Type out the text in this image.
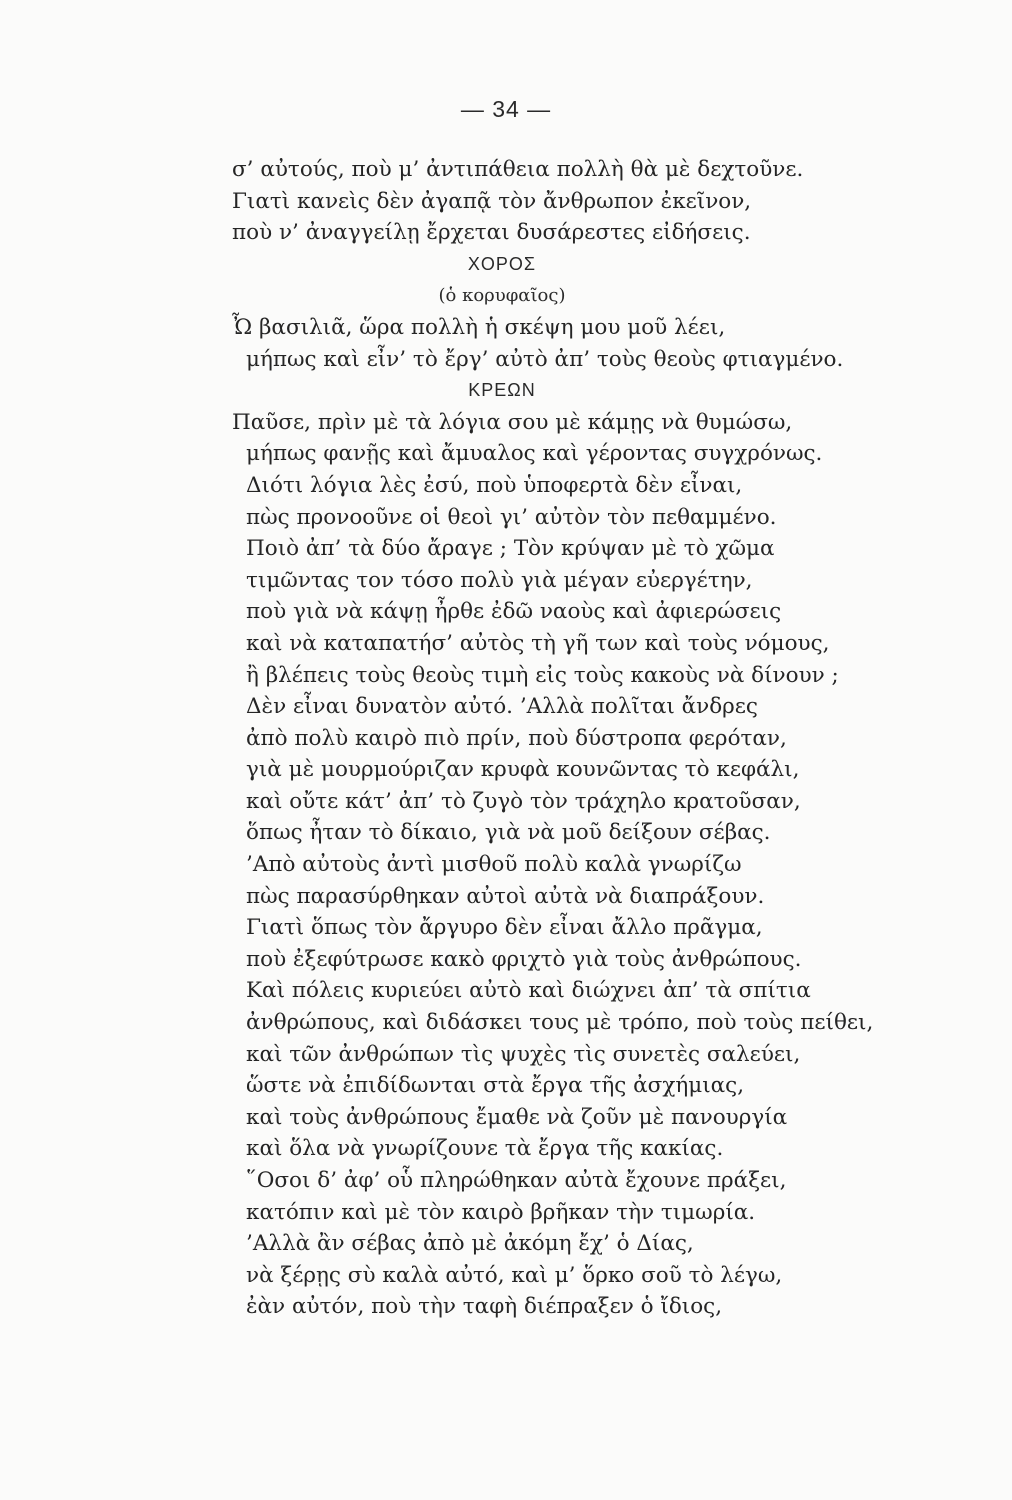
— 34 —
σ’ αὐτούς, ποὺ μ’ ἀντιπάθεια πολλὴ θὰ μὲ δεχτοῦνε.
Γιατὶ κανεὶς δὲν ἀγαπᾷ τὸν ἄνθρωπον ἐκεῖνον,
ποὺ ν’ ἀναγγείλῃ ἔρχεται δυσάρεστες εἰδήσεις.
ΧΟΡΟΣ
(ὁ κορυφαῖος)
Ὦ βασιλιᾶ, ὥρα πολλὴ ἡ σκέψη μου μοῦ λέει,
μήπως καὶ εἶν’ τὸ ἔργ’ αὐτὸ ἀπ’ τοὺς θεοὺς φτιαγμένο.
ΚΡΕΩΝ
Παῦσε, πρὶν μὲ τὰ λόγια σου μὲ κάμῃς νὰ θυμώσω,
μήπως φανῇς καὶ ἄμυαλος καὶ γέροντας συγχρόνως.
Διότι λόγια λὲς ἐσύ, ποὺ ὑποφερτὰ δὲν εἶναι,
πὼς προνοοῦνε οἱ θεοὶ γι’ αὐτὸν τὸν πεθαμμένο.
Ποιὸ ἀπ’ τὰ δύο ἄραγε ; Τὸν κρύψαν μὲ τὸ χῶμα
τιμῶντας τον τόσο πολὺ γιὰ μέγαν εὐεργέτην,
ποὺ γιὰ νὰ κάψῃ ἦρθε ἐδῶ ναοὺς καὶ ἀφιερώσεις
καὶ νὰ καταπατήσ’ αὐτὸς τὴ γῆ των καὶ τοὺς νόμους,
ἢ βλέπεις τοὺς θεοὺς τιμὴ εἰς τοὺς κακοὺς νὰ δίνουν ;
Δὲν εἶναι δυνατὸν αὐτό. ’Αλλὰ πολῖται ἄνδρες
ἀπὸ πολὺ καιρὸ πιὸ πρίν, ποὺ δύστροπα φερόταν,
γιὰ μὲ μουρμούριζαν κρυφὰ κουνῶντας τὸ κεφάλι,
καὶ οὔτε κάτ’ ἀπ’ τὸ ζυγὸ τὸν τράχηλο κρατοῦσαν,
ὅπως ἦταν τὸ δίκαιο, γιὰ νὰ μοῦ δείξουν σέβας.
’Απὸ αὐτοὺς ἀντὶ μισθοῦ πολὺ καλὰ γνωρίζω
πὼς παρασύρθηκαν αὐτοὶ αὐτὰ νὰ διαπράξουν.
Γιατὶ ὅπως τὸν ἄργυρο δὲν εἶναι ἄλλο πρᾶγμα,
ποὺ ἐξεφύτρωσε κακὸ φριχτὸ γιὰ τοὺς ἀνθρώπους.
Καὶ πόλεις κυριεύει αὐτὸ καὶ διώχνει ἀπ’ τὰ σπίτια
ἀνθρώπους, καὶ διδάσκει τους μὲ τρόπο, ποὺ τοὺς πείθει,
καὶ τῶν ἀνθρώπων τὶς ψυχὲς τὶς συνετὲς σαλεύει,
ὥστε νὰ ἐπιδίδωνται στὰ ἔργα τῆς ἀσχήμιας,
καὶ τοὺς ἀνθρώπους ἔμαθε νὰ ζοῦν μὲ πανουργία
καὶ ὅλα νὰ γνωρίζουνε τὰ ἔργα τῆς κακίας.
῞Οσοι δ’ ἀφ’ οὗ πληρώθηκαν αὐτὰ ἔχουνε πράξει,
κατόπιν καὶ μὲ τὸν καιρὸ βρῆκαν τὴν τιμωρία.
’Αλλὰ ἂν σέβας ἀπὸ μὲ ἀκόμη ἔχ’ ὁ Δίας,
νὰ ξέρῃς σὺ καλὰ αὐτό, καὶ μ’ ὅρκο σοῦ τὸ λέγω,
ἐὰν αὐτόν, ποὺ τὴν ταφὴ διέπραξεν ὁ ἴδιος,
